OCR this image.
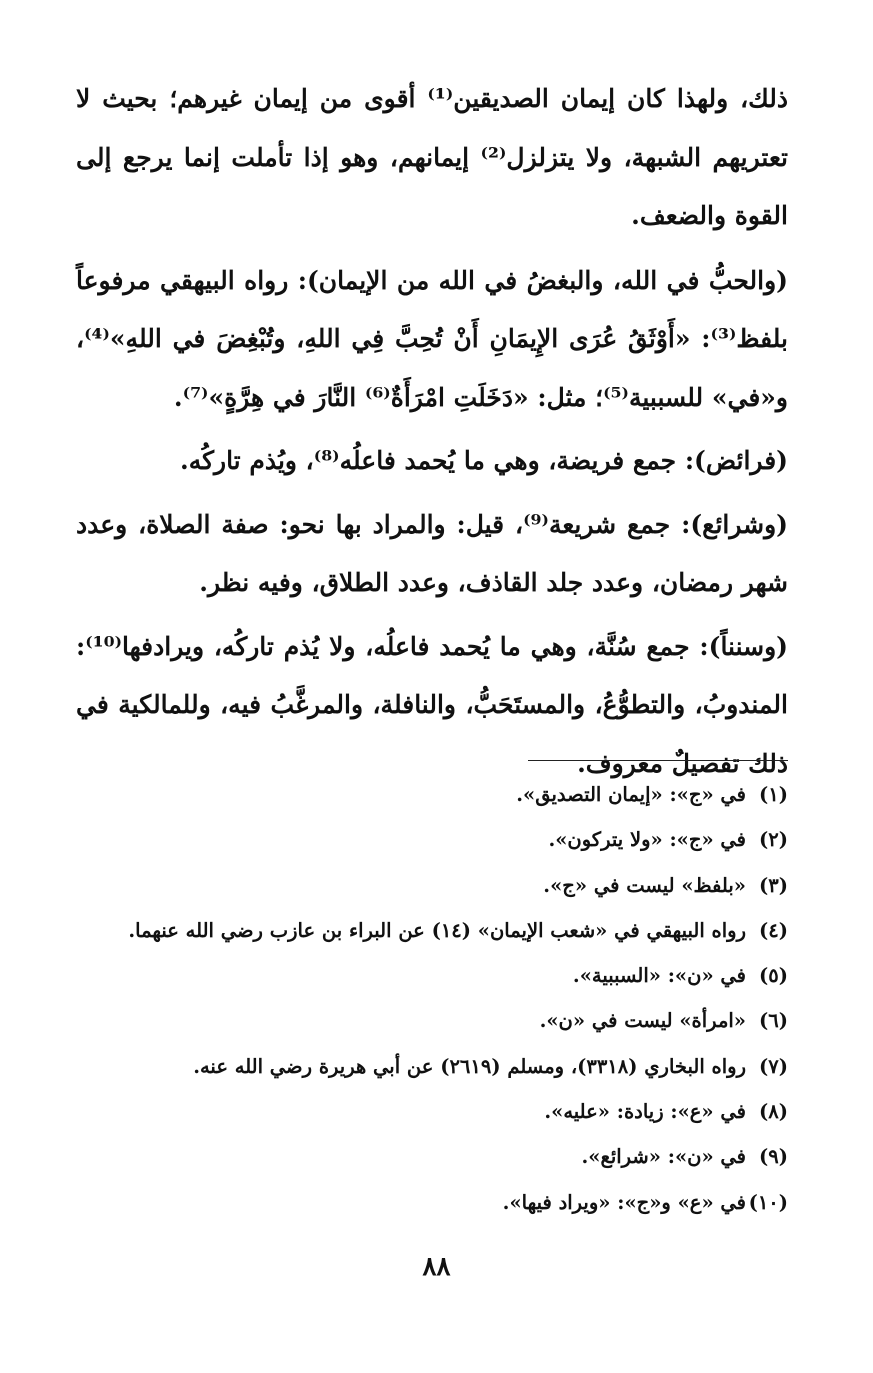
ذلك، ولهذا كان إيمان الصديقين⁽¹⁾ أقوى من إيمان غيرهم؛ بحيث لا تعتريهم الشبهة، ولا يتزلزل⁽²⁾ إيمانهم، وهو إذا تأملت إنما يرجع إلى القوة والضعف.

(والحبُّ في الله، والبغضُ في الله من الإيمان): رواه البيهقي مرفوعاً بلفظ⁽³⁾: «أَوْثَقُ عُرَى الإِيمَانِ أَنْ تُحِبَّ فِي اللهِ، وتُبْغِضَ في اللهِ»⁽⁴⁾، و«في» للسببية⁽⁵⁾؛ مثل: «دَخَلَتِ امْرَأَةٌ⁽⁶⁾ النَّارَ في هِرَّةٍ»⁽⁷⁾.

(فرائض): جمع فريضة، وهي ما يُحمد فاعلُه⁽⁸⁾، ويُذم تاركُه.

(وشرائع): جمع شريعة⁽⁹⁾، قيل: والمراد بها نحو: صفة الصلاة، وعدد شهر رمضان، وعدد جلد القاذف، وعدد الطلاق، وفيه نظر.

(وسنناً): جمع سُنَّة، وهي ما يُحمد فاعلُه، ولا يُذم تاركُه، ويرادفها⁽¹⁰⁾: المندوبُ، والتطوُّعُ، والمستَحَبُّ، والنافلة، والمرغَّبُ فيه، وللمالكية في ذلك تفصيلٌ معروف.

(١)في «ج»: «إيمان التصديق».
(٢)في «ج»: «ولا يتركون».
(٣)«بلفظ» ليست في «ج».
(٤)رواه البيهقي في «شعب الإيمان» (١٤) عن البراء بن عازب رضي الله عنهما.
(٥)في «ن»: «السببية».
(٦)«امرأة» ليست في «ن».
(٧)رواه البخاري (٣٣١٨)، ومسلم (٢٦١٩) عن أبي هريرة رضي الله عنه.
(٨)في «ع»: زيادة: «عليه».
(٩)في «ن»: «شرائع».
(١٠)في «ع» و«ج»: «ويراد فيها».
٨٨
